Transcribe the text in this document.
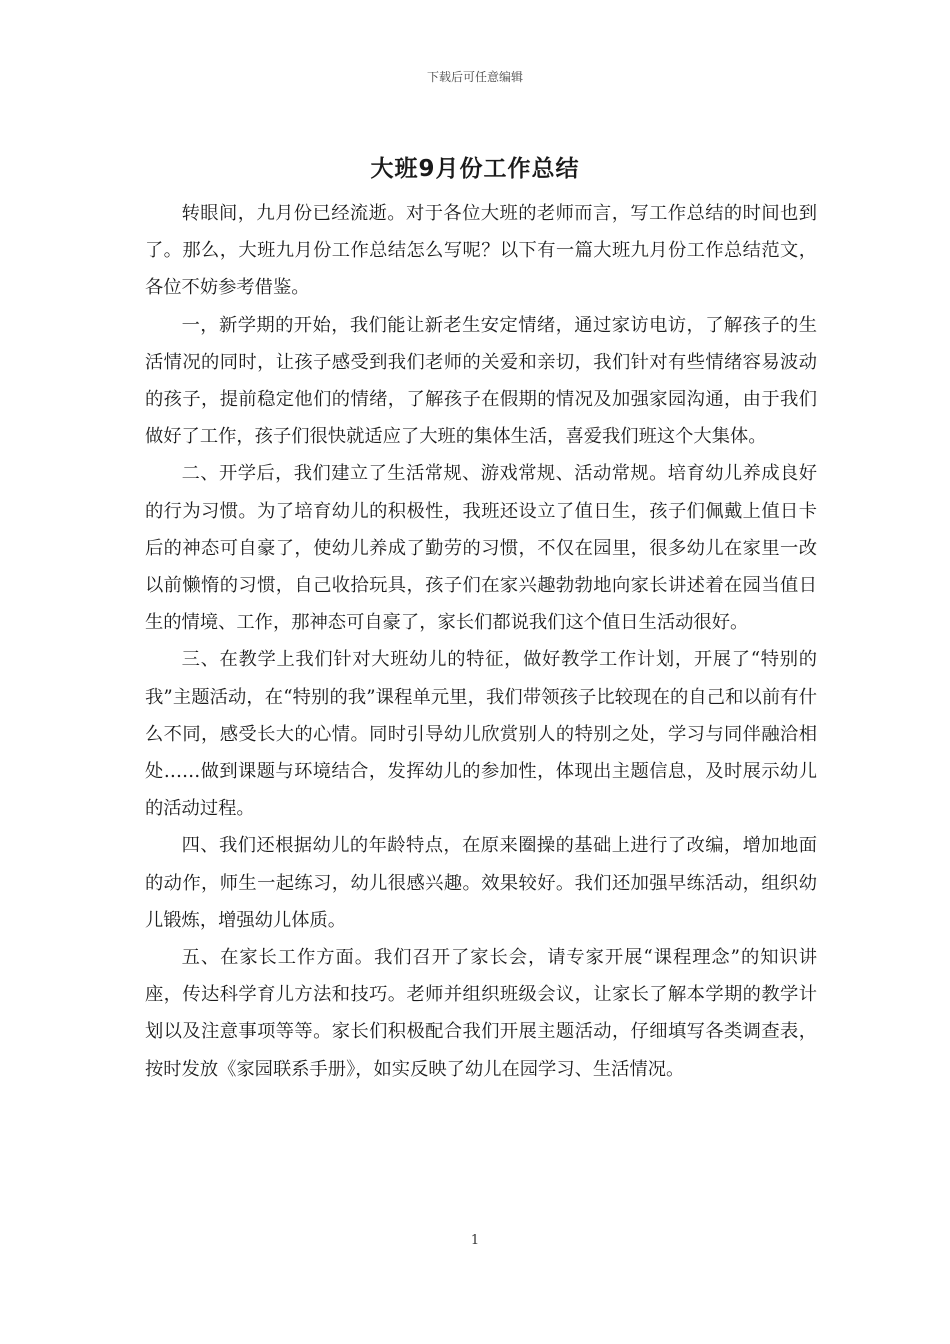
下载后可任意编辑
大班9月份工作总结

转眼间，九月份已经流逝。对于各位大班的老师而言，写工作总结的时间也到了。那么，大班九月份工作总结怎么写呢？以下有一篇大班九月份工作总结范文，各位不妨参考借鉴。

一，新学期的开始，我们能让新老生安定情绪，通过家访电访，了解孩子的生活情况的同时，让孩子感受到我们老师的关爱和亲切，我们针对有些情绪容易波动的孩子，提前稳定他们的情绪，了解孩子在假期的情况及加强家园沟通，由于我们做好了工作，孩子们很快就适应了大班的集体生活，喜爱我们班这个大集体。

二、开学后，我们建立了生活常规、游戏常规、活动常规。培育幼儿养成良好的行为习惯。为了培育幼儿的积极性，我班还设立了值日生，孩子们佩戴上值日卡后的神态可自豪了，使幼儿养成了勤劳的习惯，不仅在园里，很多幼儿在家里一改以前懒惰的习惯，自己收拾玩具，孩子们在家兴趣勃勃地向家长讲述着在园当值日生的情境、工作，那神态可自豪了，家长们都说我们这个值日生活动很好。

三、在教学上我们针对大班幼儿的特征，做好教学工作计划，开展了“特别的我”主题活动，在“特别的我”课程单元里，我们带领孩子比较现在的自己和以前有什么不同，感受长大的心情。同时引导幼儿欣赏别人的特别之处，学习与同伴融洽相处……做到课题与环境结合，发挥幼儿的参加性，体现出主题信息，及时展示幼儿的活动过程。

四、我们还根据幼儿的年龄特点，在原来圈操的基础上进行了改编，增加地面的动作，师生一起练习，幼儿很感兴趣。效果较好。我们还加强早练活动，组织幼儿锻炼，增强幼儿体质。

五、在家长工作方面。我们召开了家长会，请专家开展“课程理念”的知识讲座，传达科学育儿方法和技巧。老师并组织班级会议，让家长了解本学期的教学计划以及注意事项等等。家长们积极配合我们开展主题活动，仔细填写各类调查表，按时发放《家园联系手册》，如实反映了幼儿在园学习、生活情况。

1
